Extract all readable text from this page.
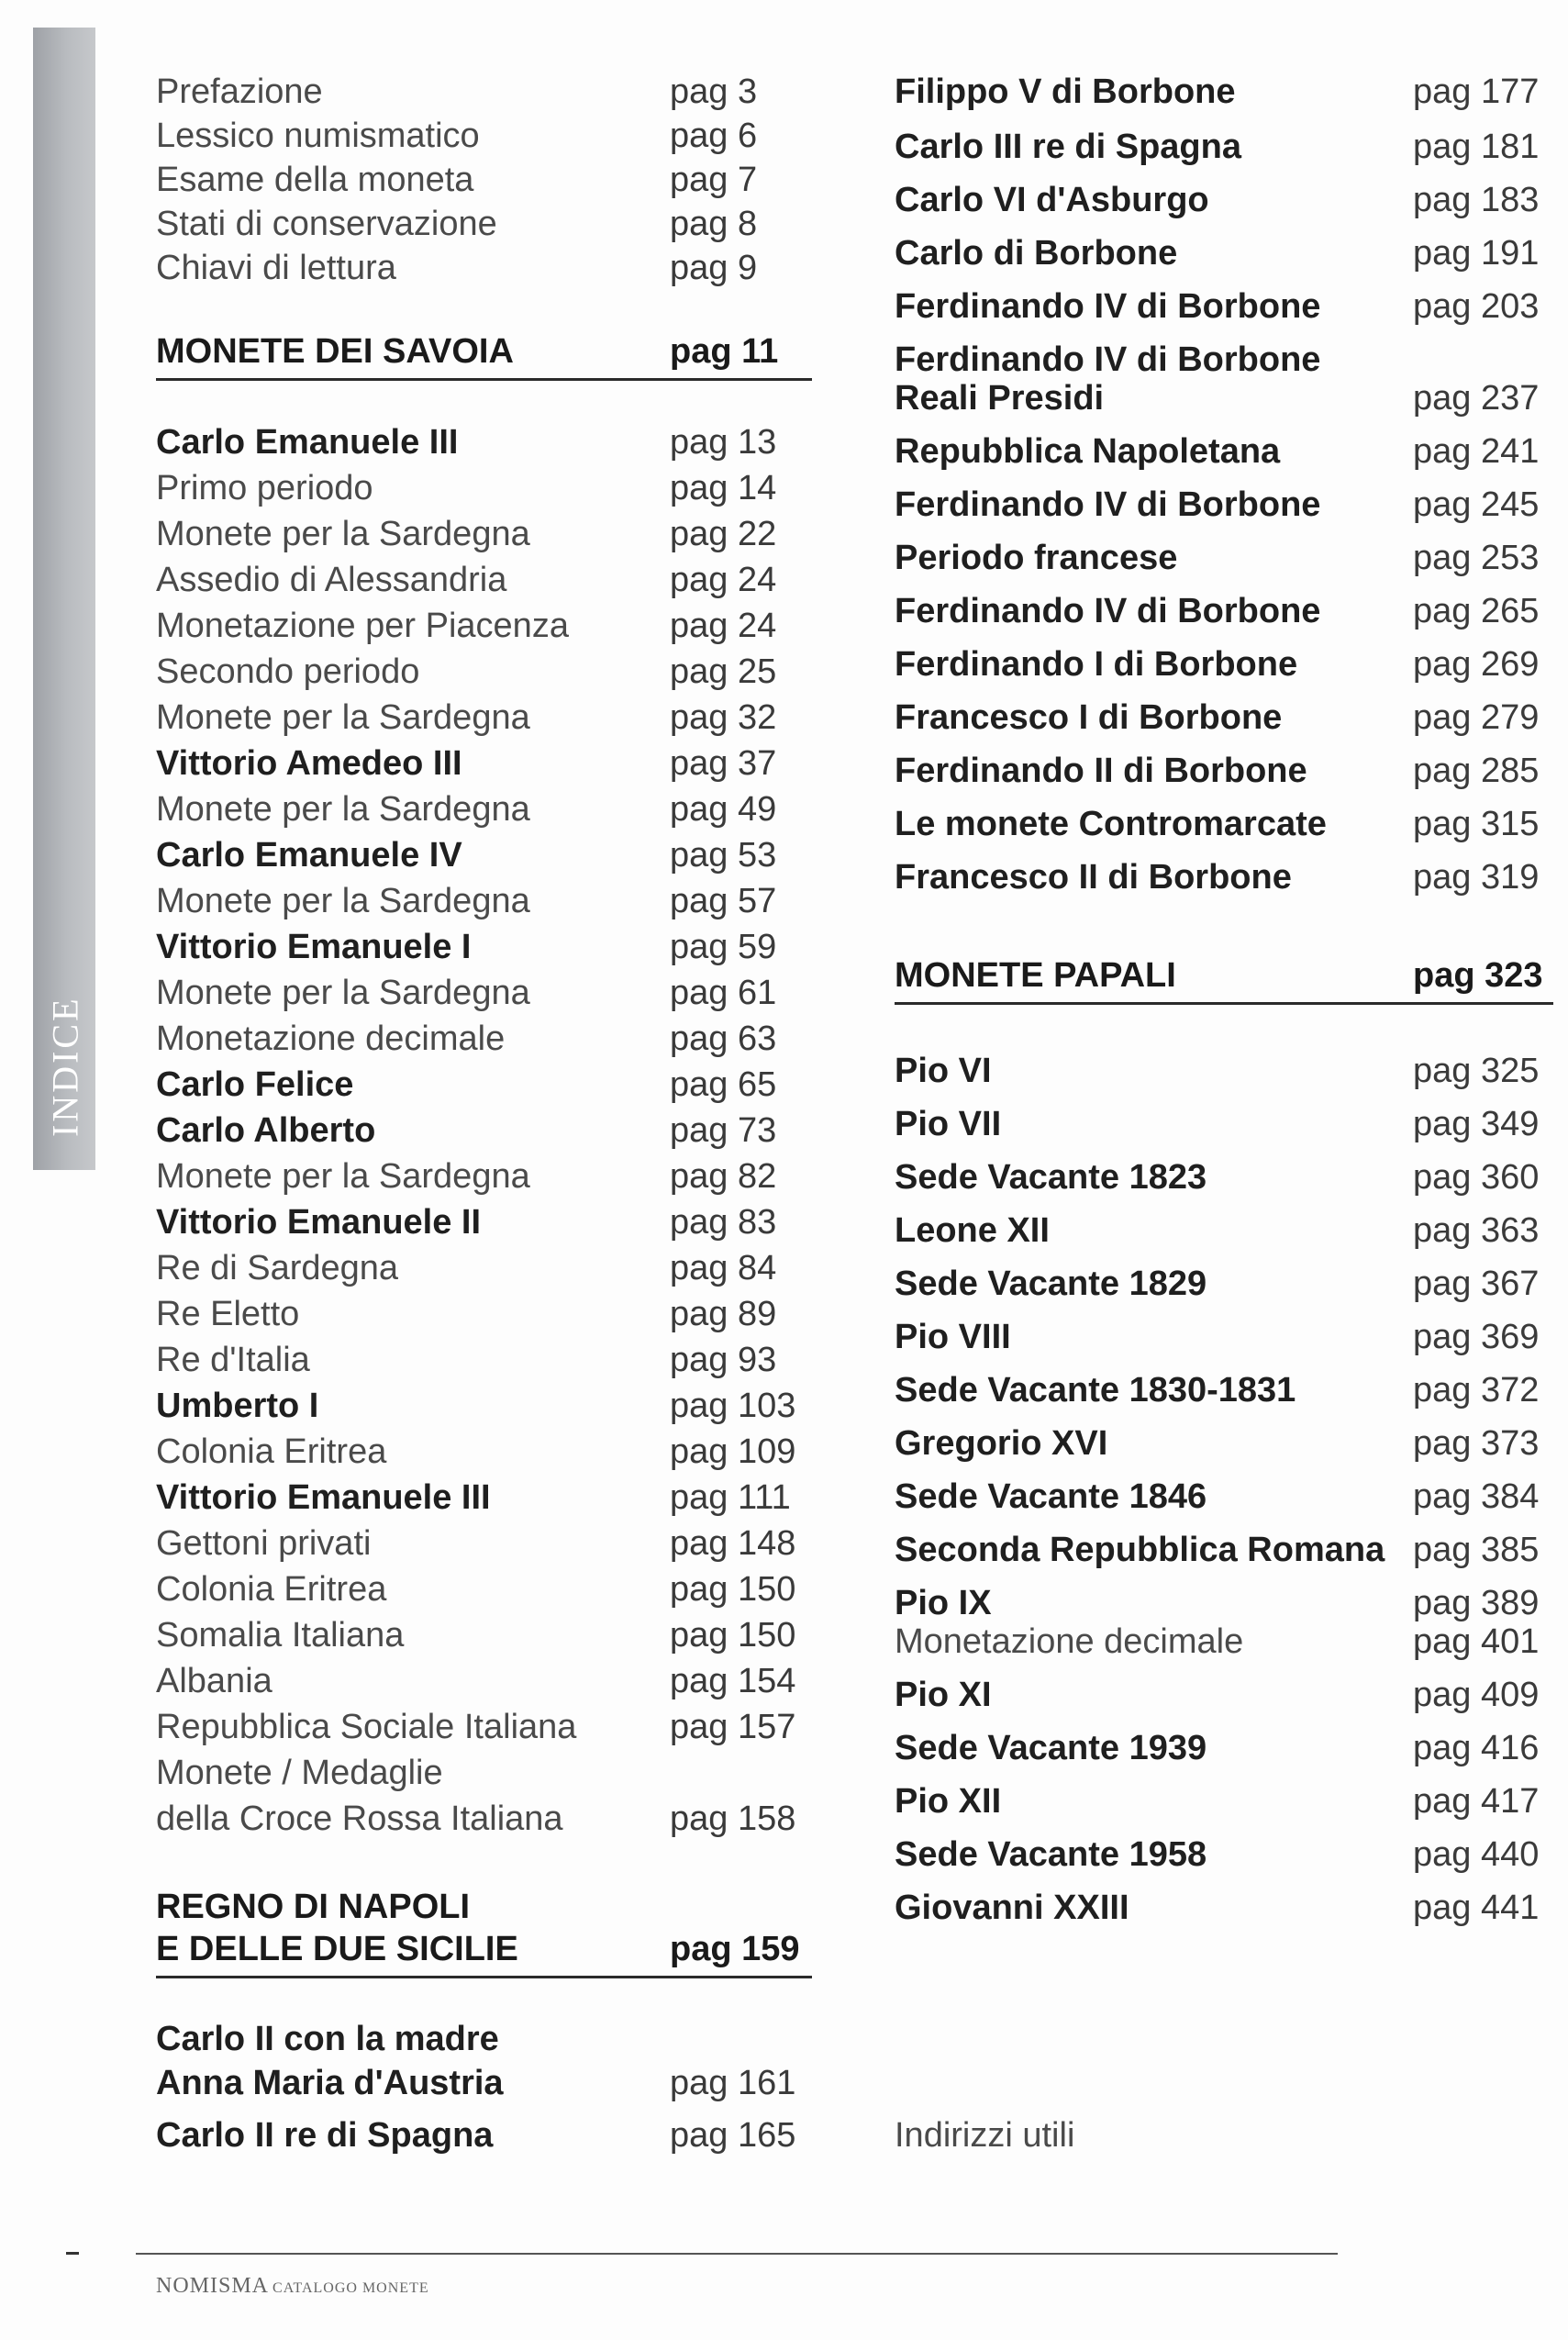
INDICE
Prefazione	pag 3
Lessico numismatico	pag 6
Esame della moneta	pag 7
Stati di conservazione	pag 8
Chiavi di lettura	pag 9
MONETE DEI SAVOIA	pag 11
Carlo Emanuele III	pag 13
Primo periodo	pag 14
Monete per la Sardegna	pag 22
Assedio di Alessandria	pag 24
Monetazione per Piacenza	pag 24
Secondo periodo	pag 25
Monete per la Sardegna	pag 32
Vittorio Amedeo III	pag 37
Monete per la Sardegna	pag 49
Carlo Emanuele IV	pag 53
Monete per la Sardegna	pag 57
Vittorio Emanuele I	pag 59
Monete per la Sardegna	pag 61
Monetazione decimale	pag 63
Carlo Felice	pag 65
Carlo Alberto	pag 73
Monete per la Sardegna	pag 82
Vittorio Emanuele II	pag 83
Re di Sardegna	pag 84
Re Eletto	pag 89
Re d'Italia	pag 93
Umberto I	pag 103
Colonia Eritrea	pag 109
Vittorio Emanuele III	pag 111
Gettoni privati	pag 148
Colonia Eritrea	pag 150
Somalia Italiana	pag 150
Albania	pag 154
Repubblica Sociale Italiana	pag 157
Monete / Medaglie
della Croce Rossa Italiana	pag 158
REGNO DI NAPOLI
E DELLE DUE SICILIE	pag 159
Carlo II con la madre
Anna Maria d'Austria	pag 161
Carlo II re di Spagna	pag 165
Filippo V di Borbone	pag 177
Carlo III re di Spagna	pag 181
Carlo VI d'Asburgo	pag 183
Carlo di Borbone	pag 191
Ferdinando IV di Borbone	pag 203
Ferdinando IV di Borbone
Reali Presidi	pag 237
Repubblica Napoletana	pag 241
Ferdinando IV di Borbone	pag 245
Periodo francese	pag 253
Ferdinando IV di Borbone	pag 265
Ferdinando I di Borbone	pag 269
Francesco I di Borbone	pag 279
Ferdinando II di Borbone	pag 285
Le monete Contromarcate pag 315
Francesco II di Borbone	pag 319
MONETE PAPALI	pag 323
Pio VI	pag 325
Pio VII	pag 349
Sede Vacante 1823	pag 360
Leone XII	pag 363
Sede Vacante 1829	pag 367
Pio VIII	pag 369
Sede Vacante 1830-1831	pag 372
Gregorio XVI	pag 373
Sede Vacante 1846	pag 384
Seconda Repubblica Romana pag 385
Pio IX	pag 389
Monetazione decimale	pag 401
Pio XI	pag 409
Sede Vacante 1939	pag 416
Pio XII	pag 417
Sede Vacante 1958	pag 440
Giovanni XXIII	pag 441
Indirizzi utili
NOMISMA CATALOGO MONETE
